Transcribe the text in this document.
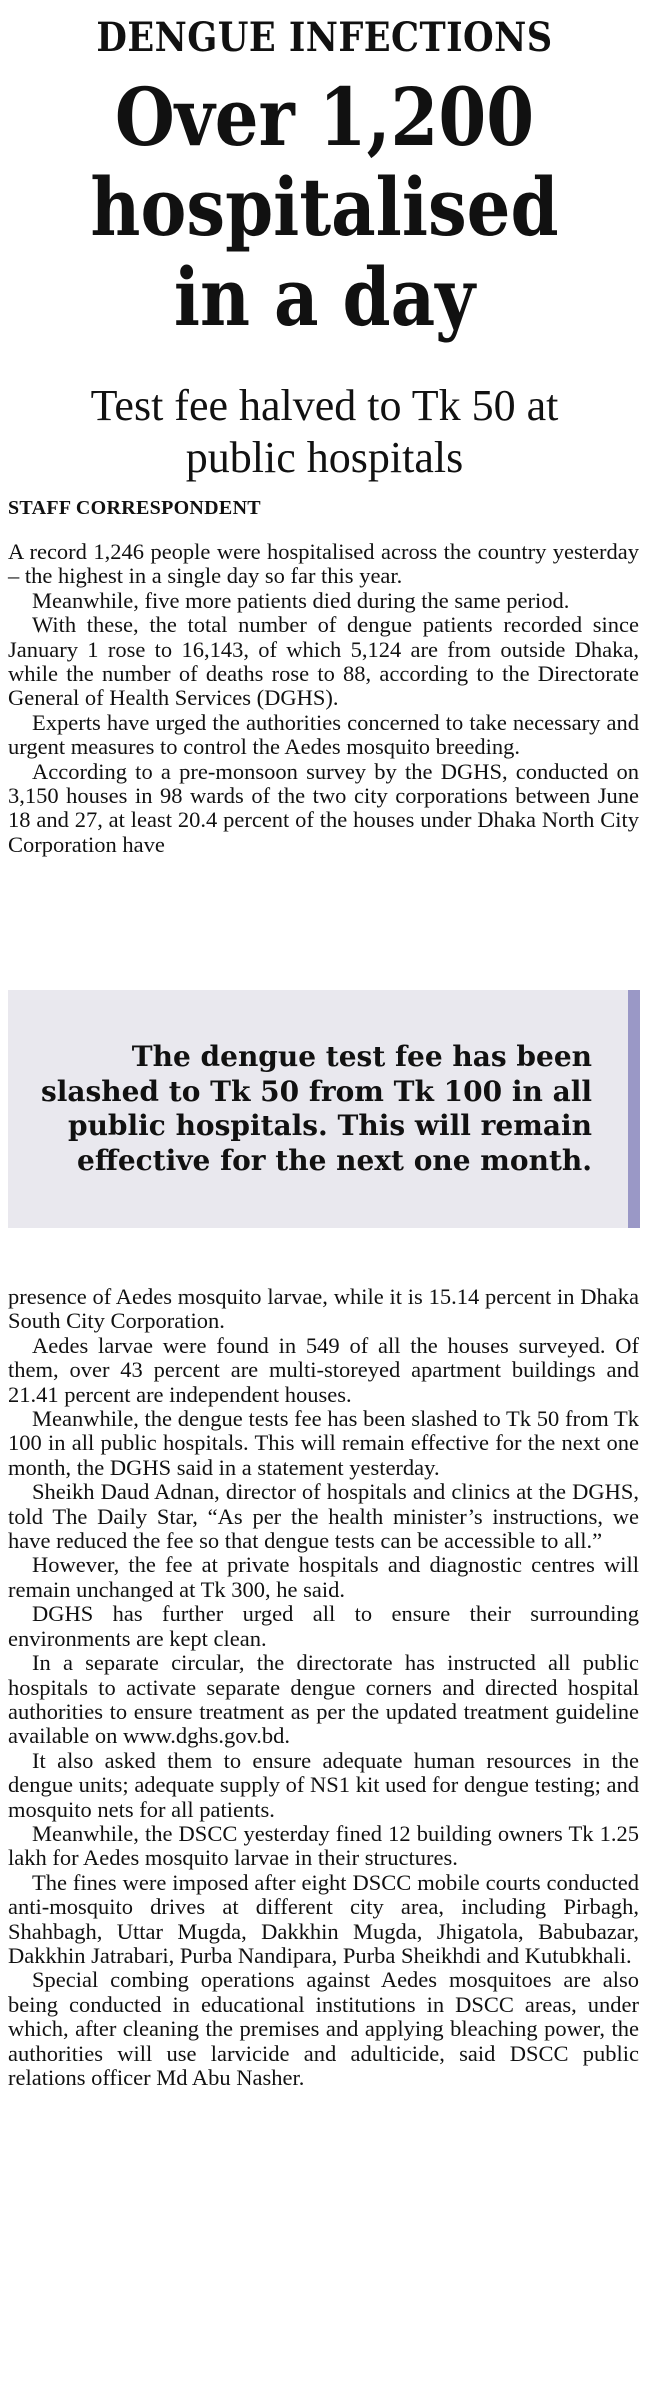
DENGUE INFECTIONS
Over 1,200
hospitalised
in a day
Test fee halved to Tk 50 at
public hospitals
STAFF CORRESPONDENT

A record 1,246 people were hospitalised across the country yesterday – the highest in a single day so far this year.

Meanwhile, five more patients died during the same period.

With these, the total number of dengue patients recorded since January 1 rose to 16,143, of which 5,124 are from outside Dhaka, while the number of deaths rose to 88, according to the Directorate General of Health Services (DGHS).

Experts have urged the authorities concerned to take necessary and urgent measures to control the Aedes mosquito breeding.

According to a pre-monsoon survey by the DGHS, conducted on 3,150 houses in 98 wards of the two city corporations between June 18 and 27, at least 20.4 percent of the houses under Dhaka North City Corporation have

The dengue test fee has been
slashed to Tk 50 from Tk 100 in all
public hospitals. This will remain
effective for the next one month.

presence of Aedes mosquito larvae, while it is 15.14 percent in Dhaka South City Corporation.

Aedes larvae were found in 549 of all the houses surveyed. Of them, over 43 percent are multi-storeyed apartment buildings and 21.41 percent are independent houses.

Meanwhile, the dengue tests fee has been slashed to Tk 50 from Tk 100 in all public hospitals. This will remain effective for the next one month, the DGHS said in a statement yesterday.

Sheikh Daud Adnan, director of hospitals and clinics at the DGHS, told The Daily Star, “As per the health minister’s instructions, we have reduced the fee so that dengue tests can be accessible to all.”

However, the fee at private hospitals and diagnostic centres will remain unchanged at Tk 300, he said.

DGHS has further urged all to ensure their surrounding environments are kept clean.

In a separate circular, the directorate has instructed all public hospitals to activate separate dengue corners and directed hospital authorities to ensure treatment as per the updated treatment guideline available on www.dghs.gov.bd.

It also asked them to ensure adequate human resources in the dengue units; adequate supply of NS1 kit used for dengue testing; and mosquito nets for all patients.

Meanwhile, the DSCC yesterday fined 12 building owners Tk 1.25 lakh for Aedes mosquito larvae in their structures.

The fines were imposed after eight DSCC mobile courts conducted anti-mosquito drives at different city area, including Pirbagh, Shahbagh, Uttar Mugda, Dakkhin Mugda, Jhigatola, Babubazar, Dakkhin Jatrabari, Purba Nandipara, Purba Sheikhdi and Kutubkhali.

Special combing operations against Aedes mosquitoes are also being conducted in educational institutions in DSCC areas, under which, after cleaning the premises and applying bleaching power, the authorities will use larvicide and adulticide, said DSCC public relations officer Md Abu Nasher.
